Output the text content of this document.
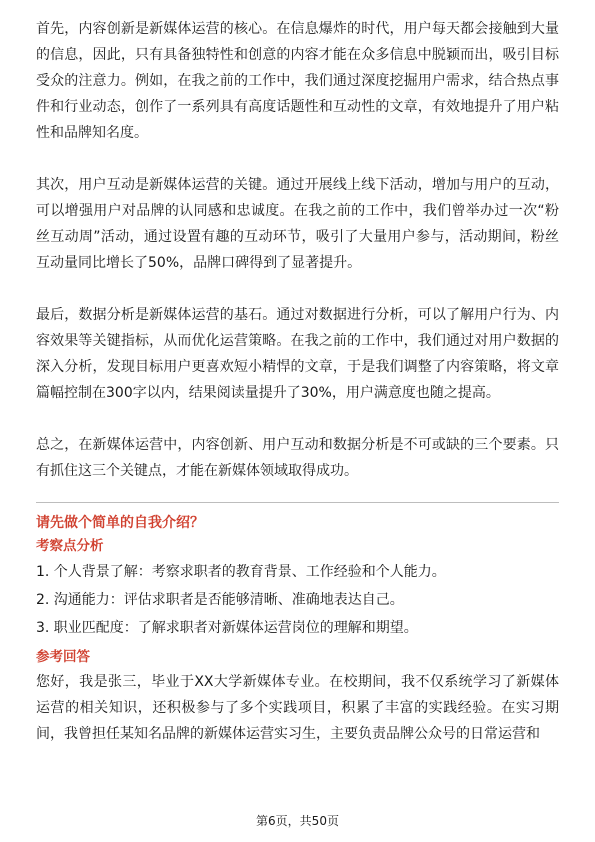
首先，内容创新是新媒体运营的核心。在信息爆炸的时代，用户每天都会接触到大量的信息，因此，只有具备独特性和创意的内容才能在众多信息中脱颖而出，吸引目标受众的注意力。例如，在我之前的工作中，我们通过深度挖掘用户需求，结合热点事件和行业动态，创作了一系列具有高度话题性和互动性的文章，有效地提升了用户粘性和品牌知名度。

其次，用户互动是新媒体运营的关键。通过开展线上线下活动，增加与用户的互动，可以增强用户对品牌的认同感和忠诚度。在我之前的工作中，我们曾举办过一次“粉丝互动周”活动，通过设置有趣的互动环节，吸引了大量用户参与，活动期间，粉丝互动量同比增长了50%，品牌口碑得到了显著提升。

最后，数据分析是新媒体运营的基石。通过对数据进行分析，可以了解用户行为、内容效果等关键指标，从而优化运营策略。在我之前的工作中，我们通过对用户数据的深入分析，发现目标用户更喜欢短小精悍的文章，于是我们调整了内容策略，将文章篇幅控制在300字以内，结果阅读量提升了30%，用户满意度也随之提高。

总之，在新媒体运营中，内容创新、用户互动和数据分析是不可或缺的三个要素。只有抓住这三个关键点，才能在新媒体领域取得成功。

请先做个简单的自我介绍？

考察点分析

1. 个人背景了解：考察求职者的教育背景、工作经验和个人能力。

2. 沟通能力：评估求职者是否能够清晰、准确地表达自己。

3. 职业匹配度：了解求职者对新媒体运营岗位的理解和期望。

参考回答

您好，我是张三，毕业于XX大学新媒体专业。在校期间，我不仅系统学习了新媒体运营的相关知识，还积极参与了多个实践项目，积累了丰富的实践经验。在实习期间，我曾担任某知名品牌的新媒体运营实习生，主要负责品牌公众号的日常运营和

第6页，共50页
